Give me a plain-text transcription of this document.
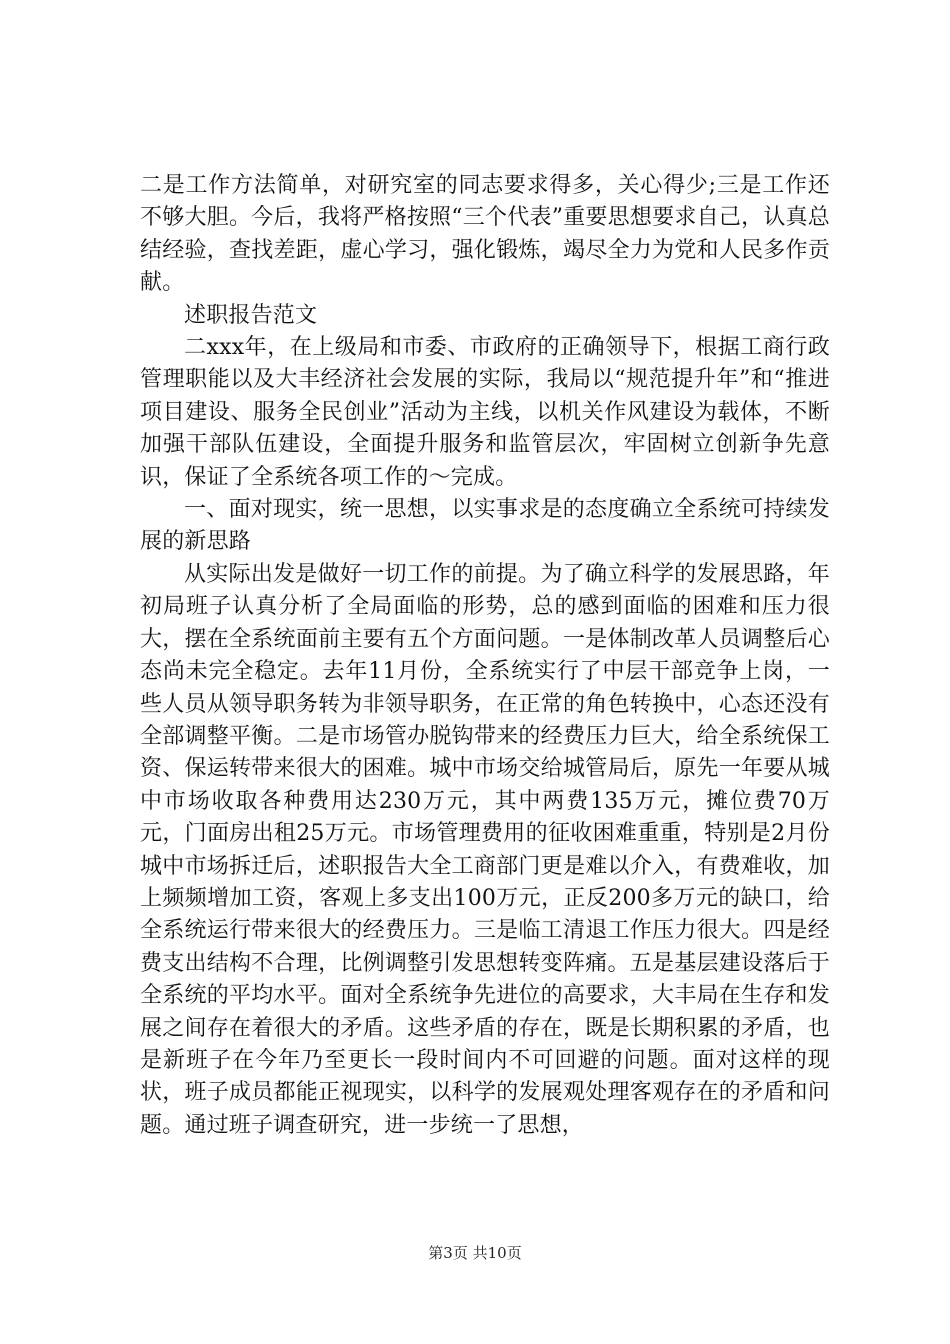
二是工作方法简单，对研究室的同志要求得多，关心得少;三是工作还不够大胆。今后，我将严格按照“三个代表”重要思想要求自己，认真总结经验，查找差距，虚心学习，强化锻炼，竭尽全力为党和人民多作贡献。

述职报告范文

二xxx年，在上级局和市委、市政府的正确领导下，根据工商行政管理职能以及大丰经济社会发展的实际，我局以“规范提升年”和“推进项目建设、服务全民创业”活动为主线，以机关作风建设为载体，不断加强干部队伍建设，全面提升服务和监管层次，牢固树立创新争先意识，保证了全系统各项工作的～完成。

一、面对现实，统一思想，以实事求是的态度确立全系统可持续发展的新思路

从实际出发是做好一切工作的前提。为了确立科学的发展思路，年初局班子认真分析了全局面临的形势，总的感到面临的困难和压力很大，摆在全系统面前主要有五个方面问题。一是体制改革人员调整后心态尚未完全稳定。去年11月份，全系统实行了中层干部竞争上岗，一些人员从领导职务转为非领导职务，在正常的角色转换中，心态还没有全部调整平衡。二是市场管办脱钩带来的经费压力巨大，给全系统保工资、保运转带来很大的困难。城中市场交给城管局后，原先一年要从城中市场收取各种费用达230万元，其中两费135万元，摊位费70万元，门面房出租25万元。市场管理费用的征收困难重重，特别是2月份城中市场拆迁后，述职报告大全工商部门更是难以介入，有费难收，加上频频增加工资，客观上多支出100万元，正反200多万元的缺口，给全系统运行带来很大的经费压力。三是临工清退工作压力很大。四是经费支出结构不合理，比例调整引发思想转变阵痛。五是基层建设落后于全系统的平均水平。面对全系统争先进位的高要求，大丰局在生存和发展之间存在着很大的矛盾。这些矛盾的存在，既是长期积累的矛盾，也是新班子在今年乃至更长一段时间内不可回避的问题。面对这样的现状，班子成员都能正视现实，以科学的发展观处理客观存在的矛盾和问题。通过班子调查研究，进一步统一了思想，

第3页 共10页
